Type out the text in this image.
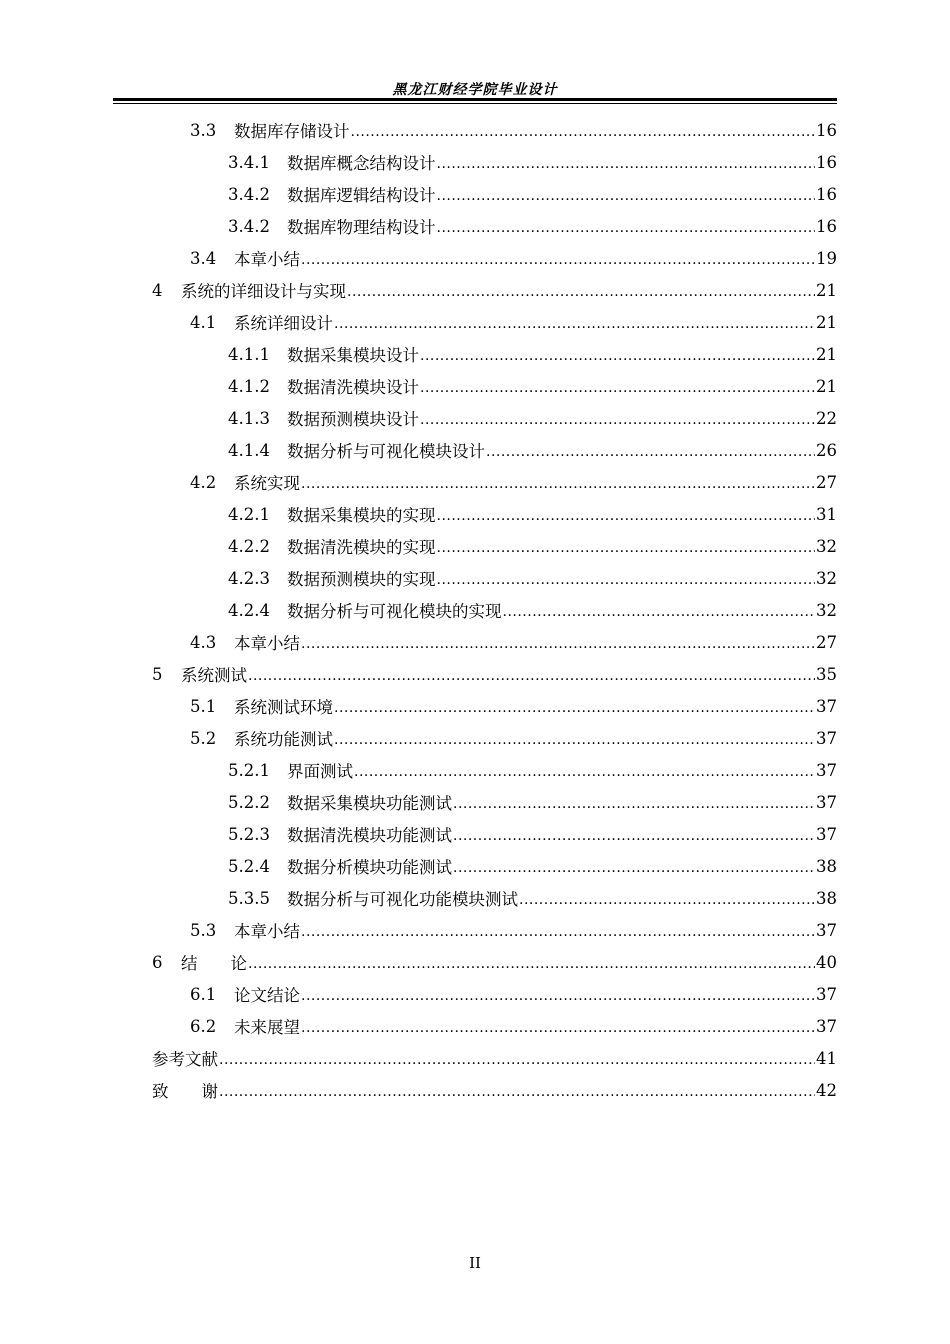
黑龙江财经学院毕业设计
3.3	数据库存储设计 .....	16
3.4.1	数据库概念结构设计 .....	16
3.4.2	数据库逻辑结构设计 .....	16
3.4.2	数据库物理结构设计 .....	16
3.4	本章小结 .....	19
4	系统的详细设计与实现 .....	21
4.1	系统详细设计 .....	21
4.1.1	数据采集模块设计 .....	21
4.1.2	数据清洗模块设计 .....	21
4.1.3	数据预测模块设计 .....	22
4.1.4	数据分析与可视化模块设计 .....	26
4.2	系统实现 .....	27
4.2.1	数据采集模块的实现 .....	31
4.2.2	数据清洗模块的实现 .....	32
4.2.3	数据预测模块的实现 .....	32
4.2.4	数据分析与可视化模块的实现 .....	32
4.3	本章小结 .....	27
5	系统测试 .....	35
5.1	系统测试环境 .....	37
5.2	系统功能测试 .....	37
5.2.1	界面测试 .....	37
5.2.2	数据采集模块功能测试 .....	37
5.2.3	数据清洗模块功能测试 .....	37
5.2.4	数据分析模块功能测试 .....	38
5.3.5	数据分析与可视化功能模块测试 .....	38
5.3	本章小结 .....	37
6	结　　论 .....	40
6.1	论文结论 .....	37
6.2	未来展望 .....	37
参考文献 .....	41
致　　谢 .....	42
II
